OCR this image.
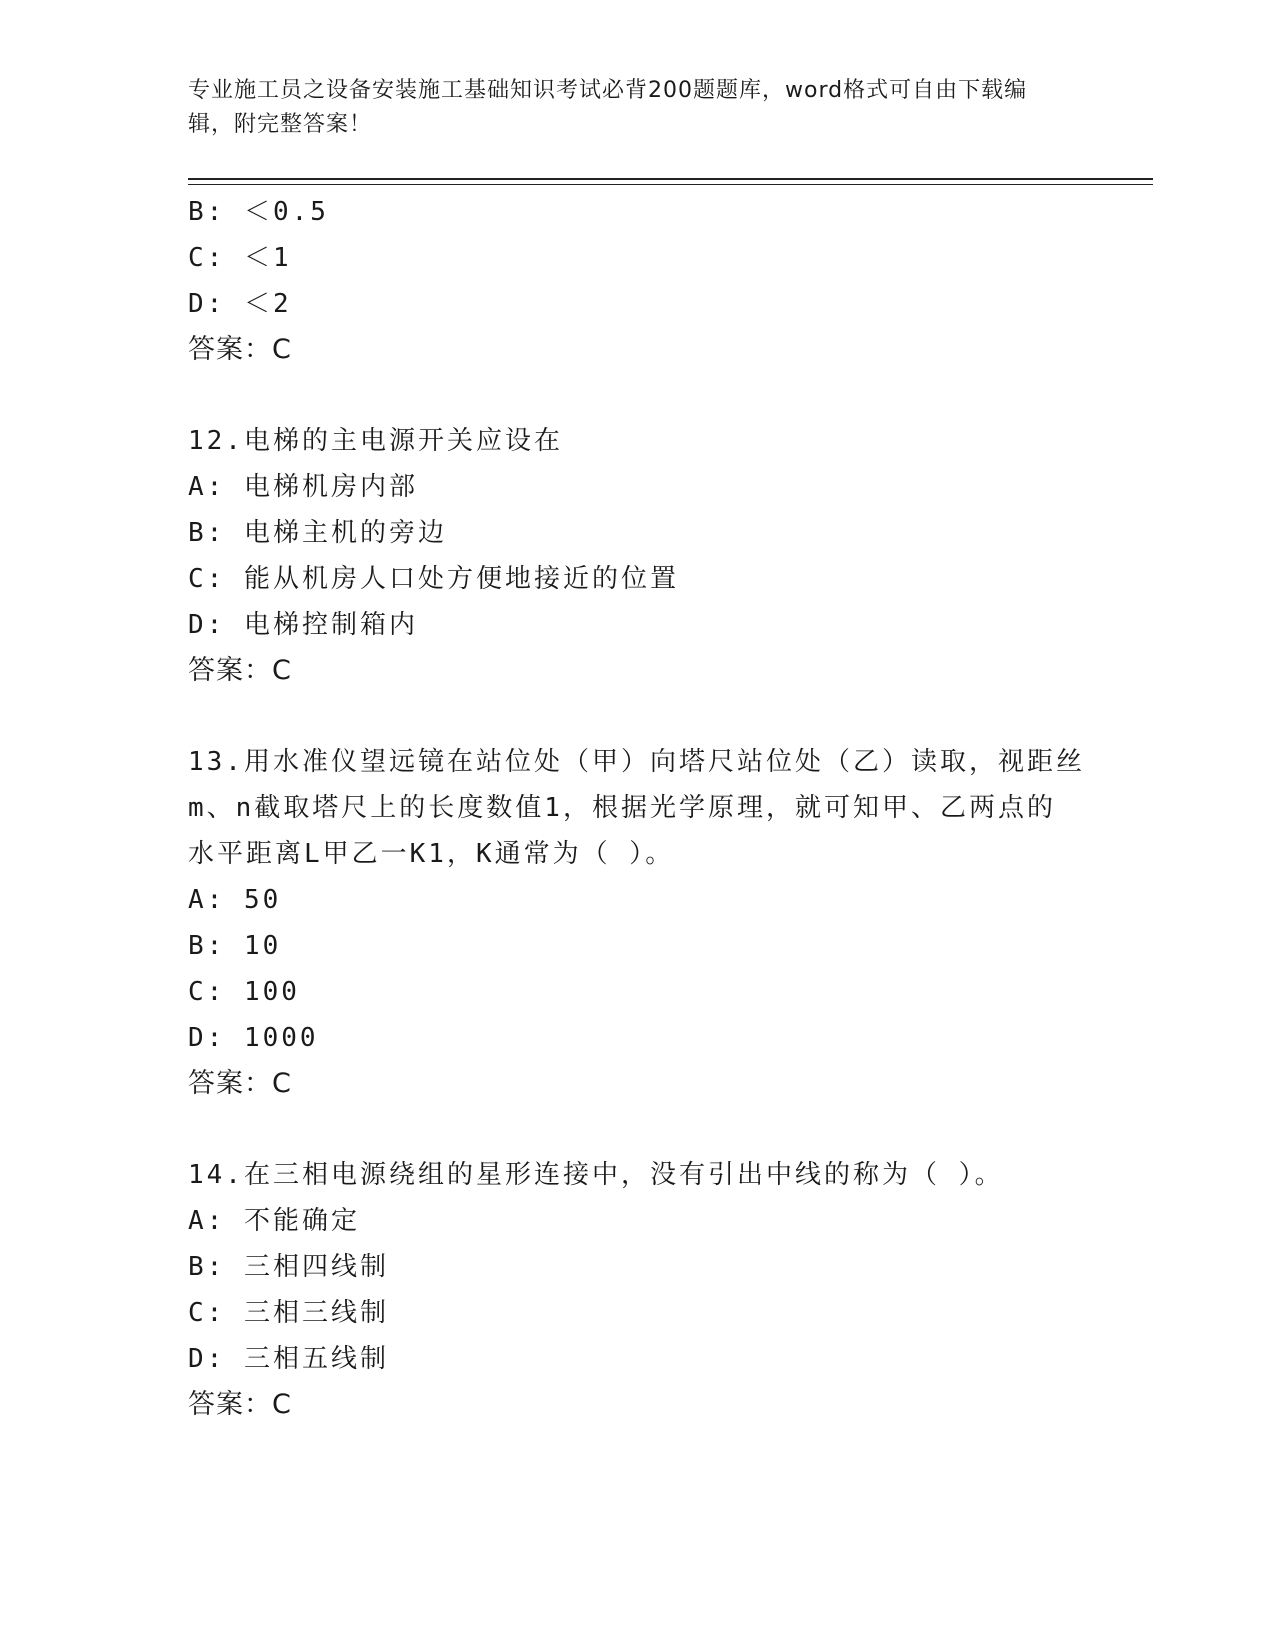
专业施工员之设备安装施工基础知识考试必背200题题库，word格式可自由下载编辑，附完整答案！
B: ＜0.5
C: ＜1
D: ＜2
答案：C
12.电梯的主电源开关应设在
A: 电梯机房内部
B: 电梯主机的旁边
C: 能从机房人口处方便地接近的位置
D: 电梯控制箱内
答案：C
13.用水准仪望远镜在站位处（甲）向塔尺站位处（乙）读取，视距丝
m、n截取塔尺上的长度数值1，根据光学原理，就可知甲、乙两点的
水平距离L甲乙一K1，K通常为（ ）。
A: 50
B: 10
C: 100
D: 1000
答案：C
14.在三相电源绕组的星形连接中，没有引出中线的称为（ ）。
A: 不能确定
B: 三相四线制
C: 三相三线制
D: 三相五线制
答案：C
